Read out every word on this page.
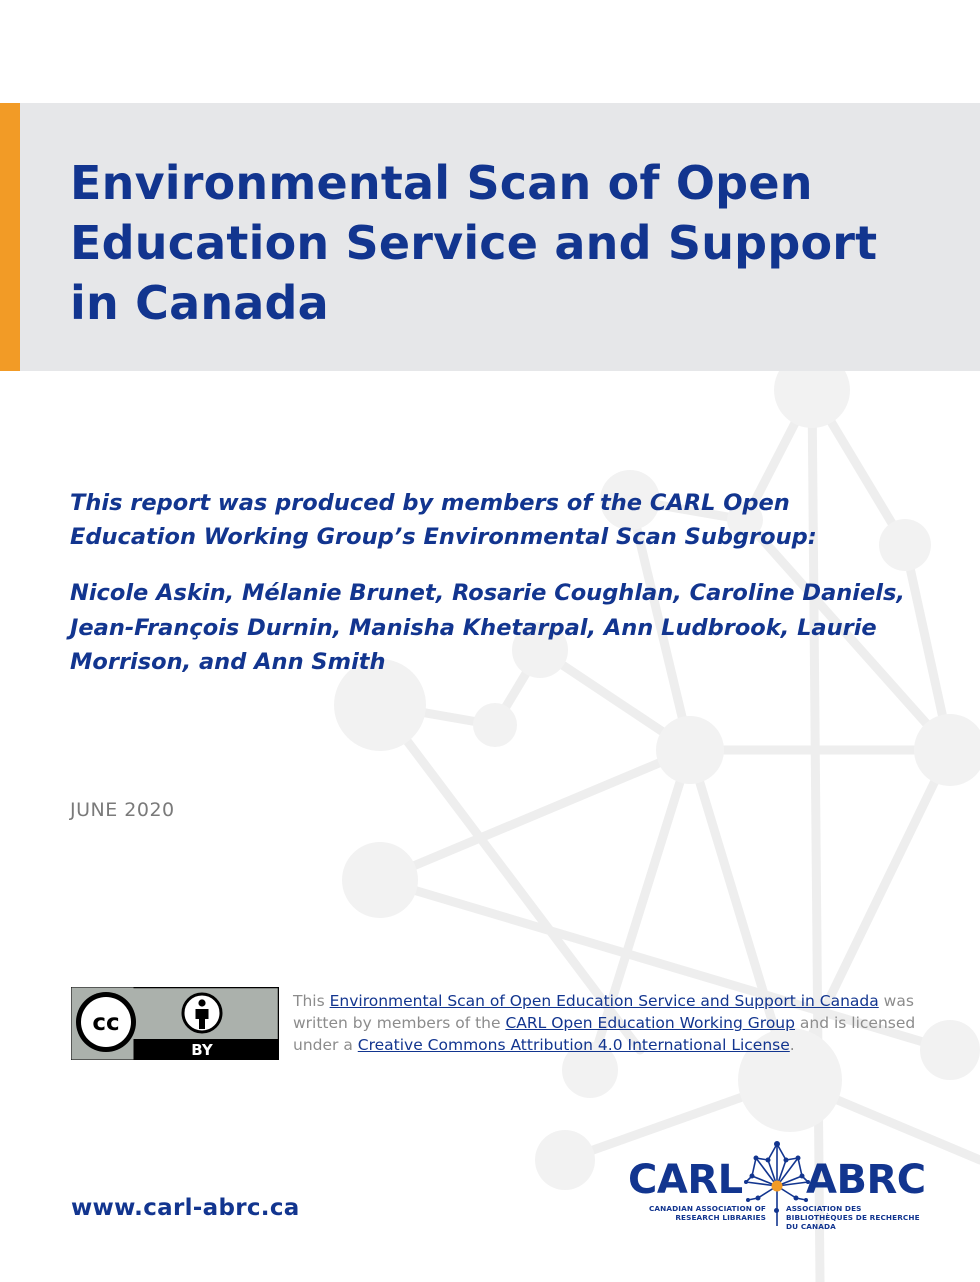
Environmental Scan of Open Education Service and Support in Canada

This report was produced by members of the CARL Open Education Working Group’s Environmental Scan Subgroup:

Nicole Askin, Mélanie Brunet, Rosarie Coughlan, Caroline Daniels, Jean-François Durnin, Manisha Khetarpal, Ann Ludbrook, Laurie Morrison, and Ann Smith

JUNE 2020

cc
BY

This Environmental Scan of Open Education Service and Support in Canada was written by members of the CARL Open Education Working Group and is licensed under a Creative Commons Attribution 4.0 International License.

www.carl-abrc.ca

CARL ABRC
CANADIAN ASSOCIATION OF RESEARCH LIBRARIES
ASSOCIATION DES BIBLIOTHÈQUES DE RECHERCHE DU CANADA
